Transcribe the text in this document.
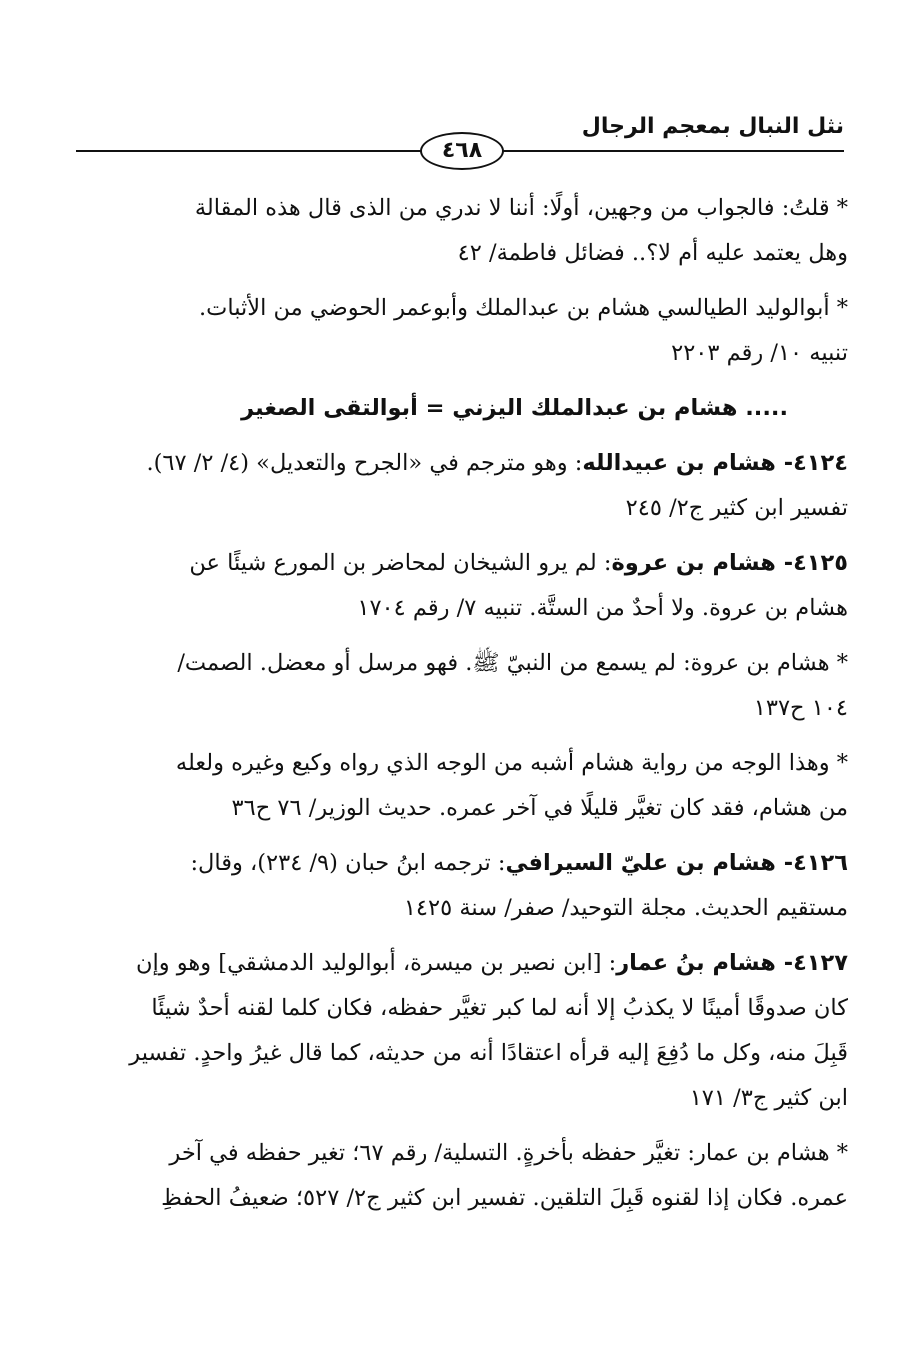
نثل النبال بمعجم الرجال
٤٦٨
* قلتُ: فالجواب من وجهين، أولًا: أننا لا ندري من الذى قال هذه المقالة
وهل يعتمد عليه أم لا؟.. فضائل فاطمة/ ٤٢
* أبوالوليد الطيالسي هشام بن عبدالملك وأبوعمر الحوضي من الأثبات.
تنبيه ١٠/ رقم ٢٢٠٣
..... هشام بن عبدالملك اليزني = أبوالتقى الصغير
٤١٢٤- هشام بن عبيدالله: وهو مترجم في «الجرح والتعديل» (٤/ ٢/ ٦٧).
تفسير ابن كثير ج٢/ ٢٤٥
٤١٢٥- هشام بن عروة: لم يرو الشيخان لمحاضر بن المورع شيئًا عن
هشام بن عروة. ولا أحدٌ من الستَّة. تنبيه ٧/ رقم ١٧٠٤
* هشام بن عروة: لم يسمع من النبيّ ﷺ. فهو مرسل أو معضل. الصمت/
١٠٤ ح١٣٧
* وهذا الوجه من رواية هشام أشبه من الوجه الذي رواه وكيع وغيره ولعله
من هشام، فقد كان تغيَّر قليلًا في آخر عمره. حديث الوزير/ ٧٦ ح٣٦
٤١٢٦- هشام بن عليّ السيرافي: ترجمه ابنُ حبان (٩/ ٢٣٤)، وقال:
مستقيم الحديث. مجلة التوحيد/ صفر/ سنة ١٤٢٥
٤١٢٧- هشام بنُ عمار: [ابن نصير بن ميسرة، أبوالوليد الدمشقي] وهو وإن
كان صدوقًا أمينًا لا يكذبُ إلا أنه لما كبر تغيَّر حفظه، فكان كلما لقنه أحدٌ شيئًا
قَبِلَ منه، وكل ما دُفِعَ إليه قرأه اعتقادًا أنه من حديثه، كما قال غيرُ واحدٍ. تفسير
ابن كثير ج٣/ ١٧١
* هشام بن عمار: تغيَّر حفظه بأخرةٍ. التسلية/ رقم ٦٧؛ تغير حفظه في آخر
عمره. فكان إذا لقنوه قَبِلَ التلقين. تفسير ابن كثير ج٢/ ٥٢٧؛ ضعيفُ الحفظِ
